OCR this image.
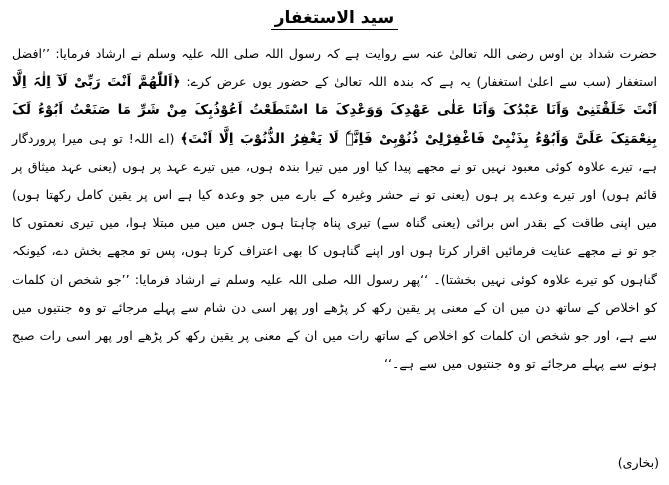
سید الاستغفار

حضرت شداد بن اوس رضی اللہ تعالیٰ عنہ سے روایت ہے کہ رسول اللہ صلی اللہ علیہ وسلم نے ارشاد فرمایا: ’’افضل استغفار (سب سے اعلیٰ استغفار) یہ ہے کہ بندہ اللہ تعالیٰ کے حضور یوں عرض کرے: ﴿اَللّٰھُمَّ اَنْتَ رَبِّیْ لَآ اِلٰہَ اِلَّا اَنْتَ خَلَقْتَنِیْ وَاَنَا عَبْدُکَ وَاَنَا عَلٰی عَھْدِکَ وَوَعْدِکَ مَا اسْتَطَعْتُ اَعُوْذُبِکَ مِنْ شَرِّ مَا صَنَعْتُ اَبُوْءُ لَکَ بِنِعْمَتِکَ عَلَیَّ وَاَبُوْءُ بِذَنْبِیْ فَاغْفِرْلِیْ ذُنُوْبِیْ فَاِنَّہٗ لَا یَغْفِرُ الذُّنُوْبَ اِلَّا اَنْتَ﴾ (اے اللہ! تو ہی میرا پروردگار ہے، تیرے علاوہ کوئی معبود نہیں تو نے مجھے پیدا کیا اور میں تیرا بندہ ہوں، میں تیرے عہد پر ہوں (یعنی عہد میثاق پر قائم ہوں) اور تیرے وعدے پر ہوں (یعنی تو نے حشر وغیرہ کے بارے میں جو وعدہ کیا ہے اس پر یقین کامل رکھتا ہوں) میں اپنی طاقت کے بقدر اس برائی (یعنی گناہ سے) تیری پناہ چاہتا ہوں جس میں میں مبتلا ہوا، میں تیری نعمتوں کا جو تو نے مجھے عنایت فرمائیں اقرار کرتا ہوں اور اپنے گناہوں کا بھی اعتراف کرتا ہوں، پس تو مجھے بخش دے، کیونکہ گناہوں کو تیرے علاوہ کوئی نہیں بخشتا)۔ ‘‘پھر رسول اللہ صلی اللہ علیہ وسلم نے ارشاد فرمایا: ’’جو شخص ان کلمات کو اخلاص کے ساتھ دن میں ان کے معنی پر یقین رکھ کر پڑھے اور پھر اسی دن شام سے پہلے مرجائے تو وہ جنتیوں میں سے ہے، اور جو شخص ان کلمات کو اخلاص کے ساتھ رات میں ان کے معنی پر یقین رکھ کر پڑھے اور پھر اسی رات صبح ہونے سے پہلے مرجائے تو وہ جنتیوں میں سے ہے۔‘‘

(بخاری)
